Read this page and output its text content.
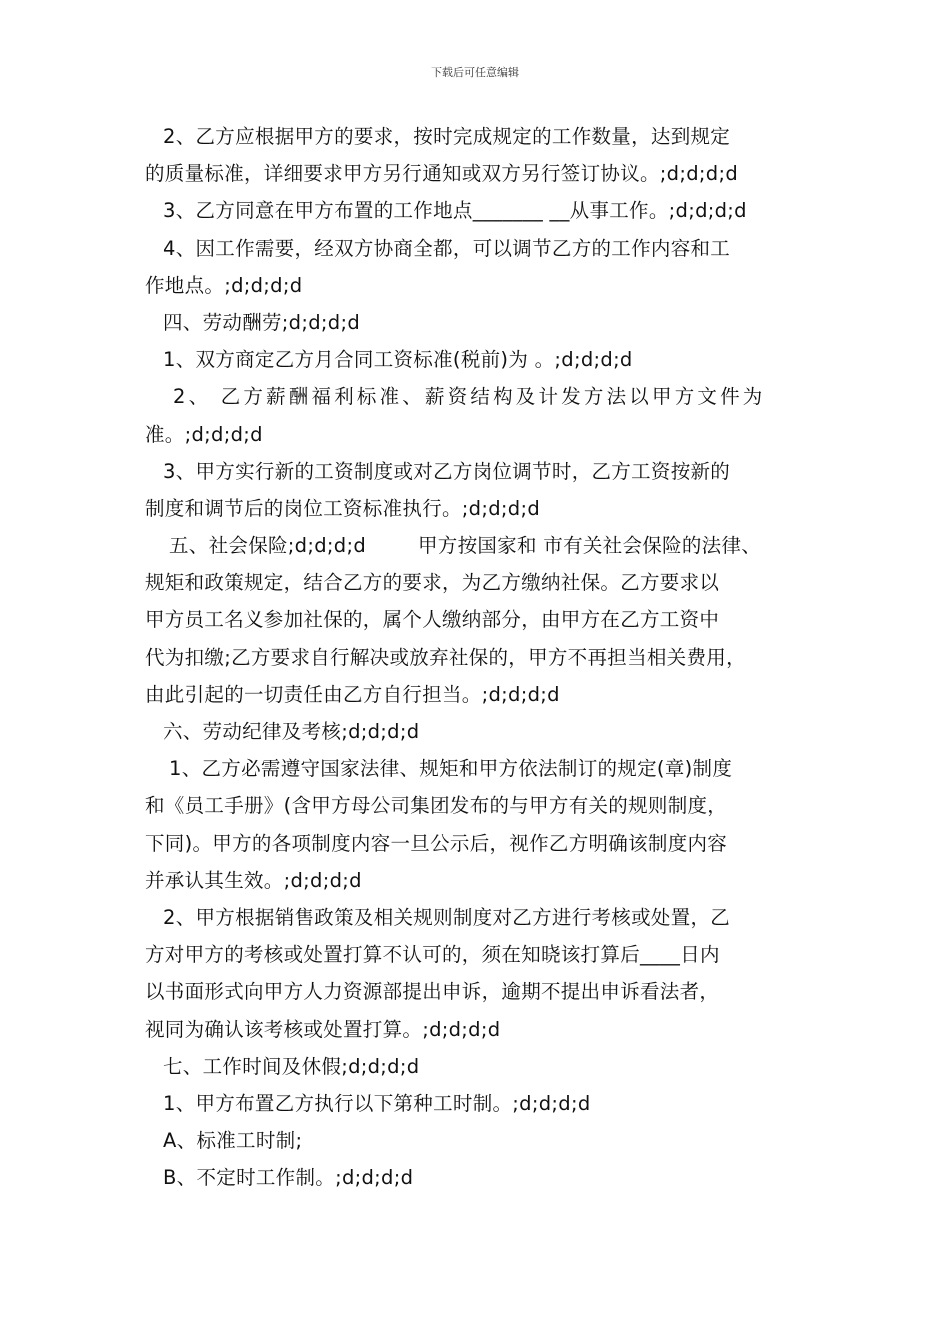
下载后可任意编辑
2、乙方应根据甲方的要求，按时完成规定的工作数量，达到规定
的质量标准，详细要求甲方另行通知或双方另行签订协议。;d;d;d;d
3、乙方同意在甲方布置的工作地点_______ __从事工作。;d;d;d;d
4、因工作需要，经双方协商全都，可以调节乙方的工作内容和工
作地点。;d;d;d;d
四、劳动酬劳;d;d;d;d
1、双方商定乙方月合同工资标准(税前)为 。;d;d;d;d
2、 乙方薪酬福利标准、薪资结构及计发方法以甲方文件为
准。;d;d;d;d
3、甲方实行新的工资制度或对乙方岗位调节时，乙方工资按新的
制度和调节后的岗位工资标准执行。;d;d;d;d
五、社会保险;d;d;d;d        甲方按国家和 市有关社会保险的法律、
规矩和政策规定，结合乙方的要求，为乙方缴纳社保。乙方要求以
甲方员工名义参加社保的，属个人缴纳部分，由甲方在乙方工资中
代为扣缴;乙方要求自行解决或放弃社保的，甲方不再担当相关费用，
由此引起的一切责任由乙方自行担当。;d;d;d;d
六、劳动纪律及考核;d;d;d;d
1、乙方必需遵守国家法律、规矩和甲方依法制订的规定(章)制度
和《员工手册》(含甲方母公司集团发布的与甲方有关的规则制度，
下同)。甲方的各项制度内容一旦公示后，视作乙方明确该制度内容
并承认其生效。;d;d;d;d
2、甲方根据销售政策及相关规则制度对乙方进行考核或处置，乙
方对甲方的考核或处置打算不认可的，须在知晓该打算后____日内
以书面形式向甲方人力资源部提出申诉，逾期不提出申诉看法者，
视同为确认该考核或处置打算。;d;d;d;d
七、工作时间及休假;d;d;d;d
1、甲方布置乙方执行以下第种工时制。;d;d;d;d
A、标准工时制;
B、不定时工作制。;d;d;d;d
